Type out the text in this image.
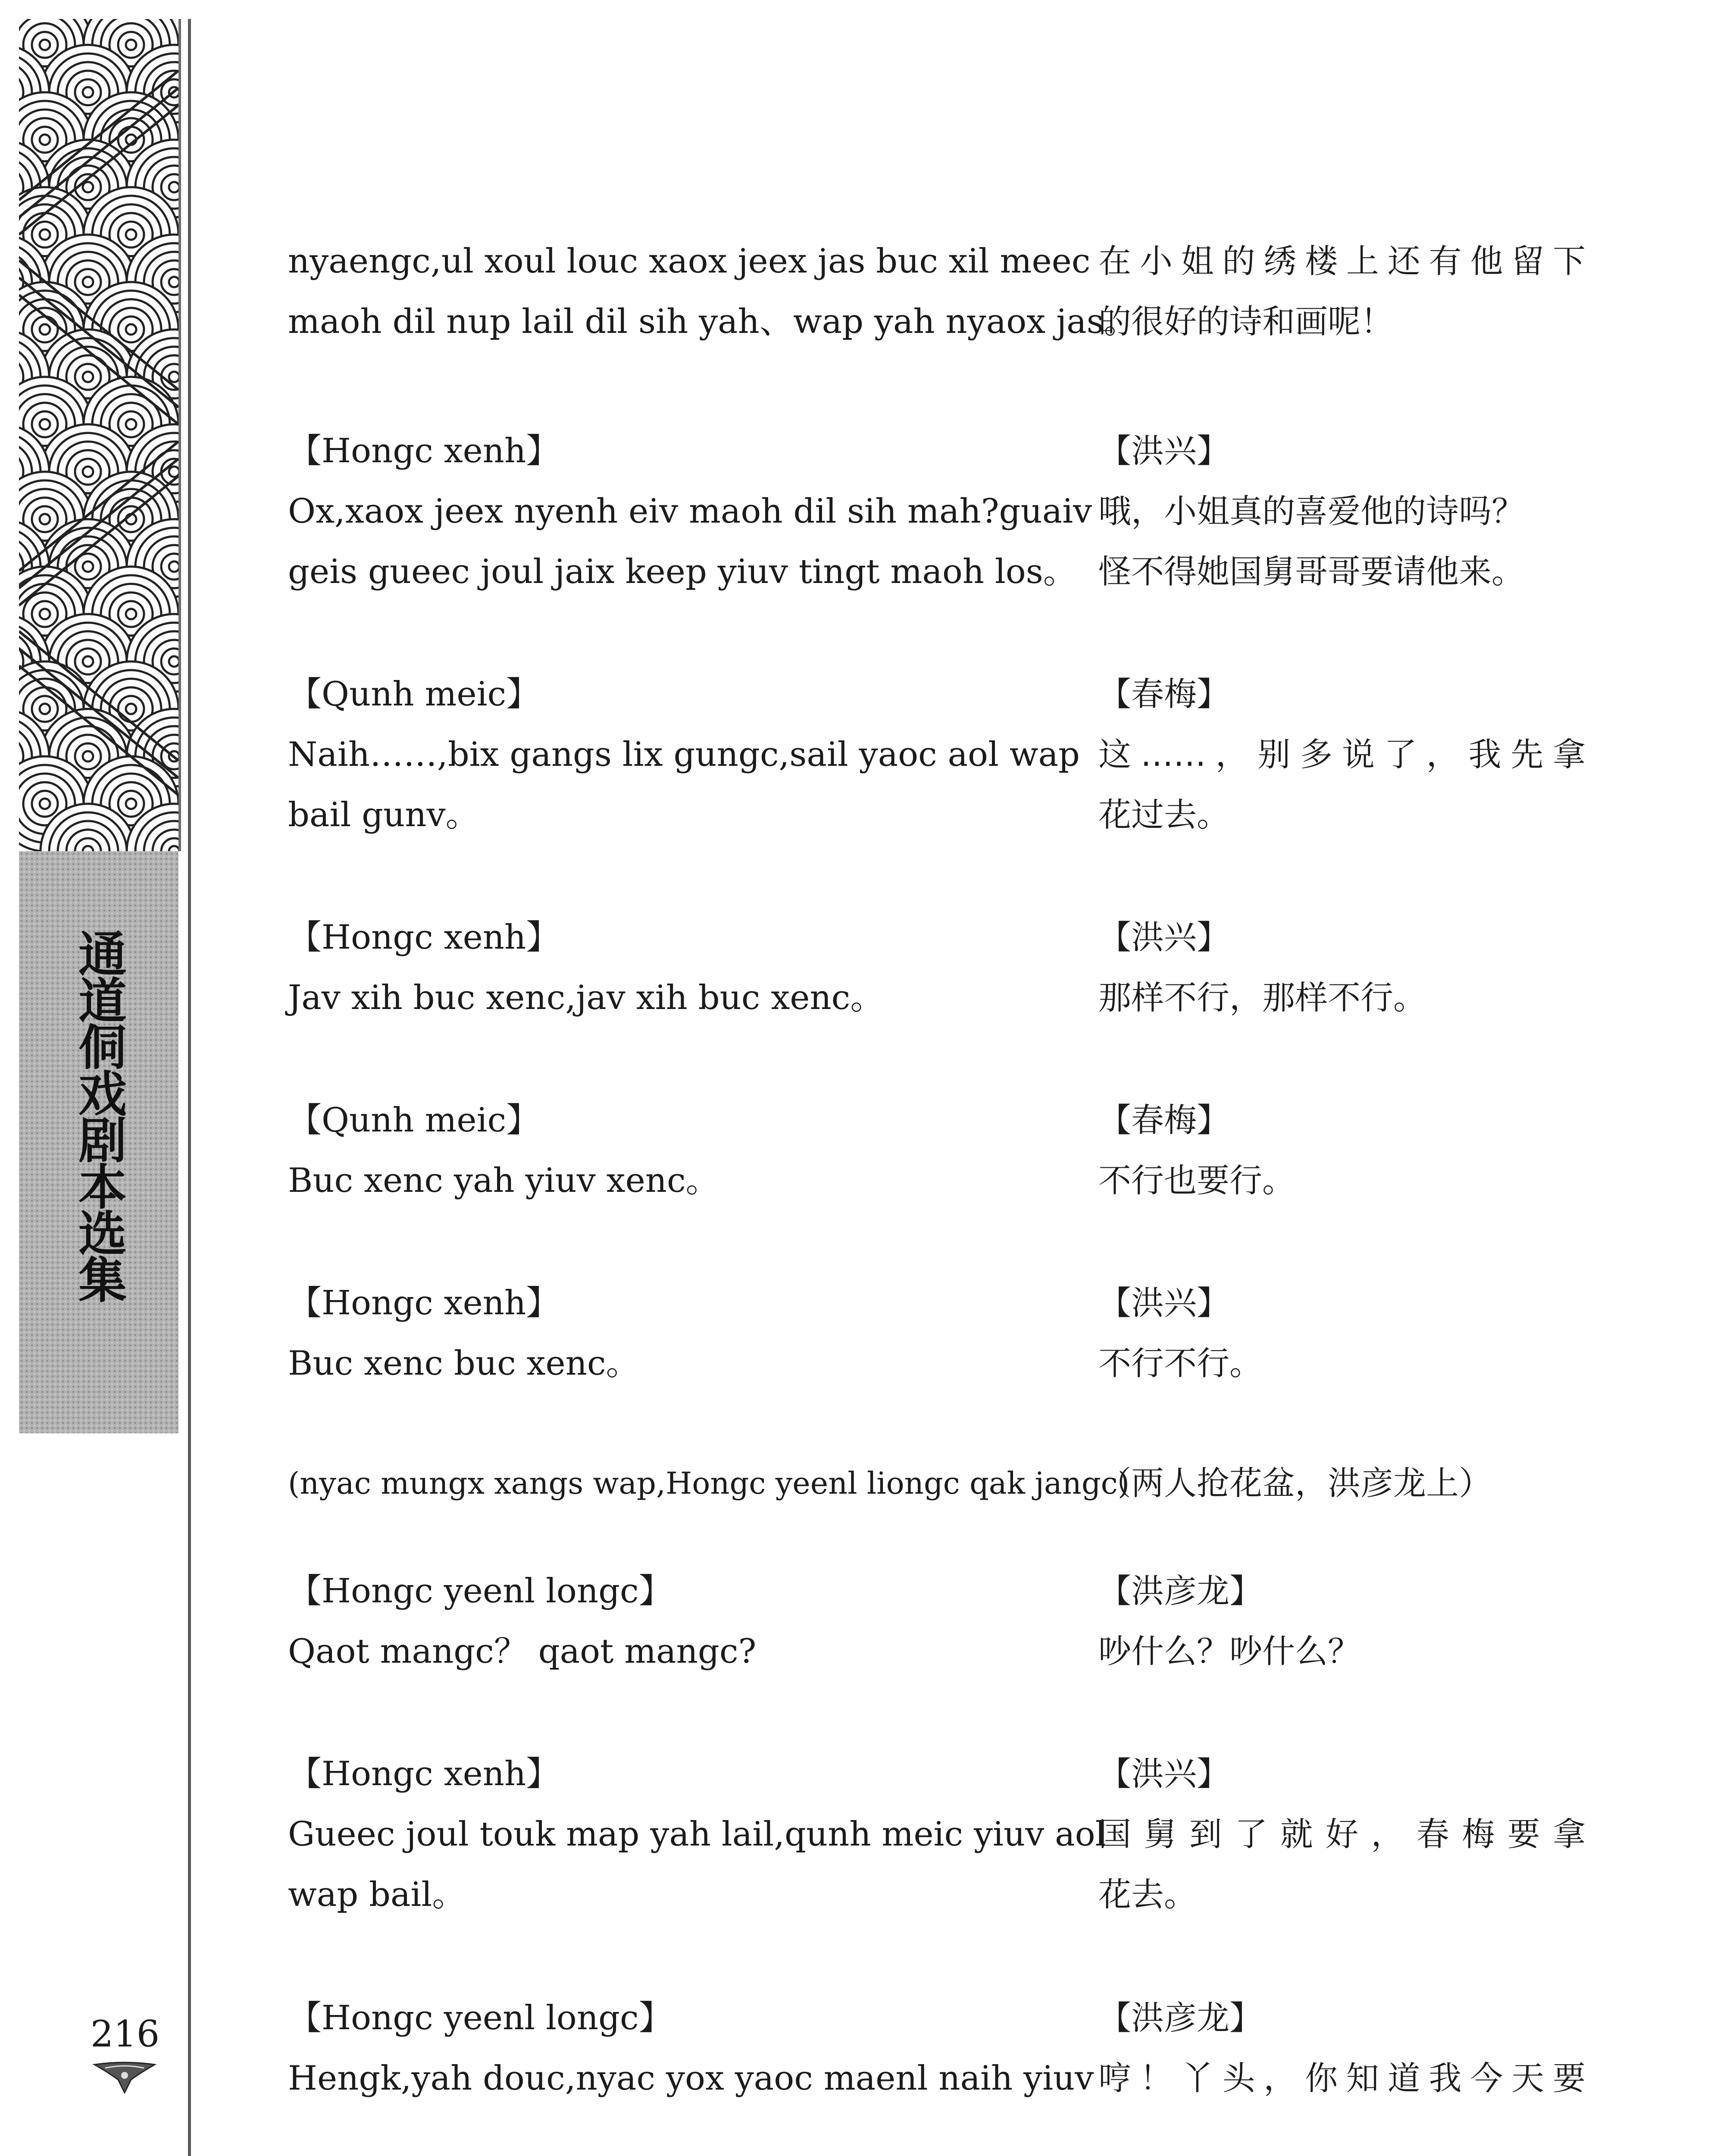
通道侗戏剧本选集
216
nyaengc,ul xoul louc xaox jeex jas buc xil meec
maoh dil nup lail dil sih yah、wap yah nyaox jas。
在小姐的绣楼上还有他留下
的很好的诗和画呢！
【Hongc xenh】
Ox,xaox jeex nyenh eiv maoh dil sih mah?guaiv
geis gueec joul jaix keep yiuv tingt maoh los。
【洪兴】
哦，小姐真的喜爱他的诗吗？
怪不得她国舅哥哥要请他来。
【Qunh meic】
Naih……,bix gangs lix gungc,sail yaoc aol wap
bail gunv。
【春梅】
这……，别多说了，我先拿
花过去。
【Hongc xenh】
Jav xih buc xenc,jav xih buc xenc。
【洪兴】
那样不行，那样不行。
【Qunh meic】
Buc xenc yah yiuv xenc。
【春梅】
不行也要行。
【Hongc xenh】
Buc xenc buc xenc。
【洪兴】
不行不行。
(nyac mungx xangs wap,Hongc yeenl liongc qak jangc)
（两人抢花盆，洪彦龙上）
【Hongc yeenl longc】
Qaot mangc？ qaot mangc?
【洪彦龙】
吵什么？吵什么？
【Hongc xenh】
Gueec joul touk map yah lail,qunh meic yiuv aol
wap bail。
【洪兴】
国舅到了就好，春梅要拿
花去。
【Hongc yeenl longc】
Hengk,yah douc,nyac yox yaoc maenl naih yiuv
【洪彦龙】
哼！丫头，你知道我今天要
